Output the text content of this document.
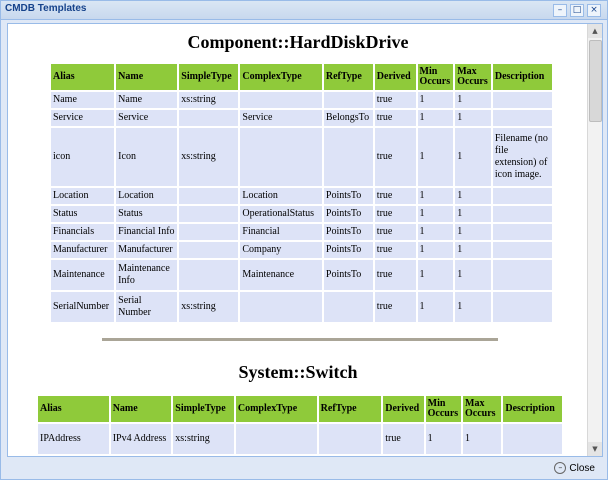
CMDB Templates	–	□ ×
Component::HardDiskDrive
Alias	Name	SimpleType	ComplexType	RefType	Derived	Min Occurs	Max Occurs	Description
Name	Name	xs:string			true	1	1	
Service	Service		Service	BelongsTo	true	1	1	
icon	Icon	xs:string			true	1	1	Filename (no file extension) of icon image.
Location	Location		Location	PointsTo	true	1	1	
Status	Status		OperationalStatus	PointsTo	true	1	1	
Financials	Financial Info		Financial	PointsTo	true	1	1	
Manufacturer	Manufacturer		Company	PointsTo	true	1	1	
Maintenance	Maintenance Info		Maintenance	PointsTo	true	1	1	
SerialNumber	Serial Number	xs:string			true	1	1	
System::Switch
Alias	Name	SimpleType	ComplexType	RefType	Derived	Min Occurs	Max Occurs	Description
IPAddress	IPv4 Address	xs:string			true	1	1	
▲
▼
– Close
